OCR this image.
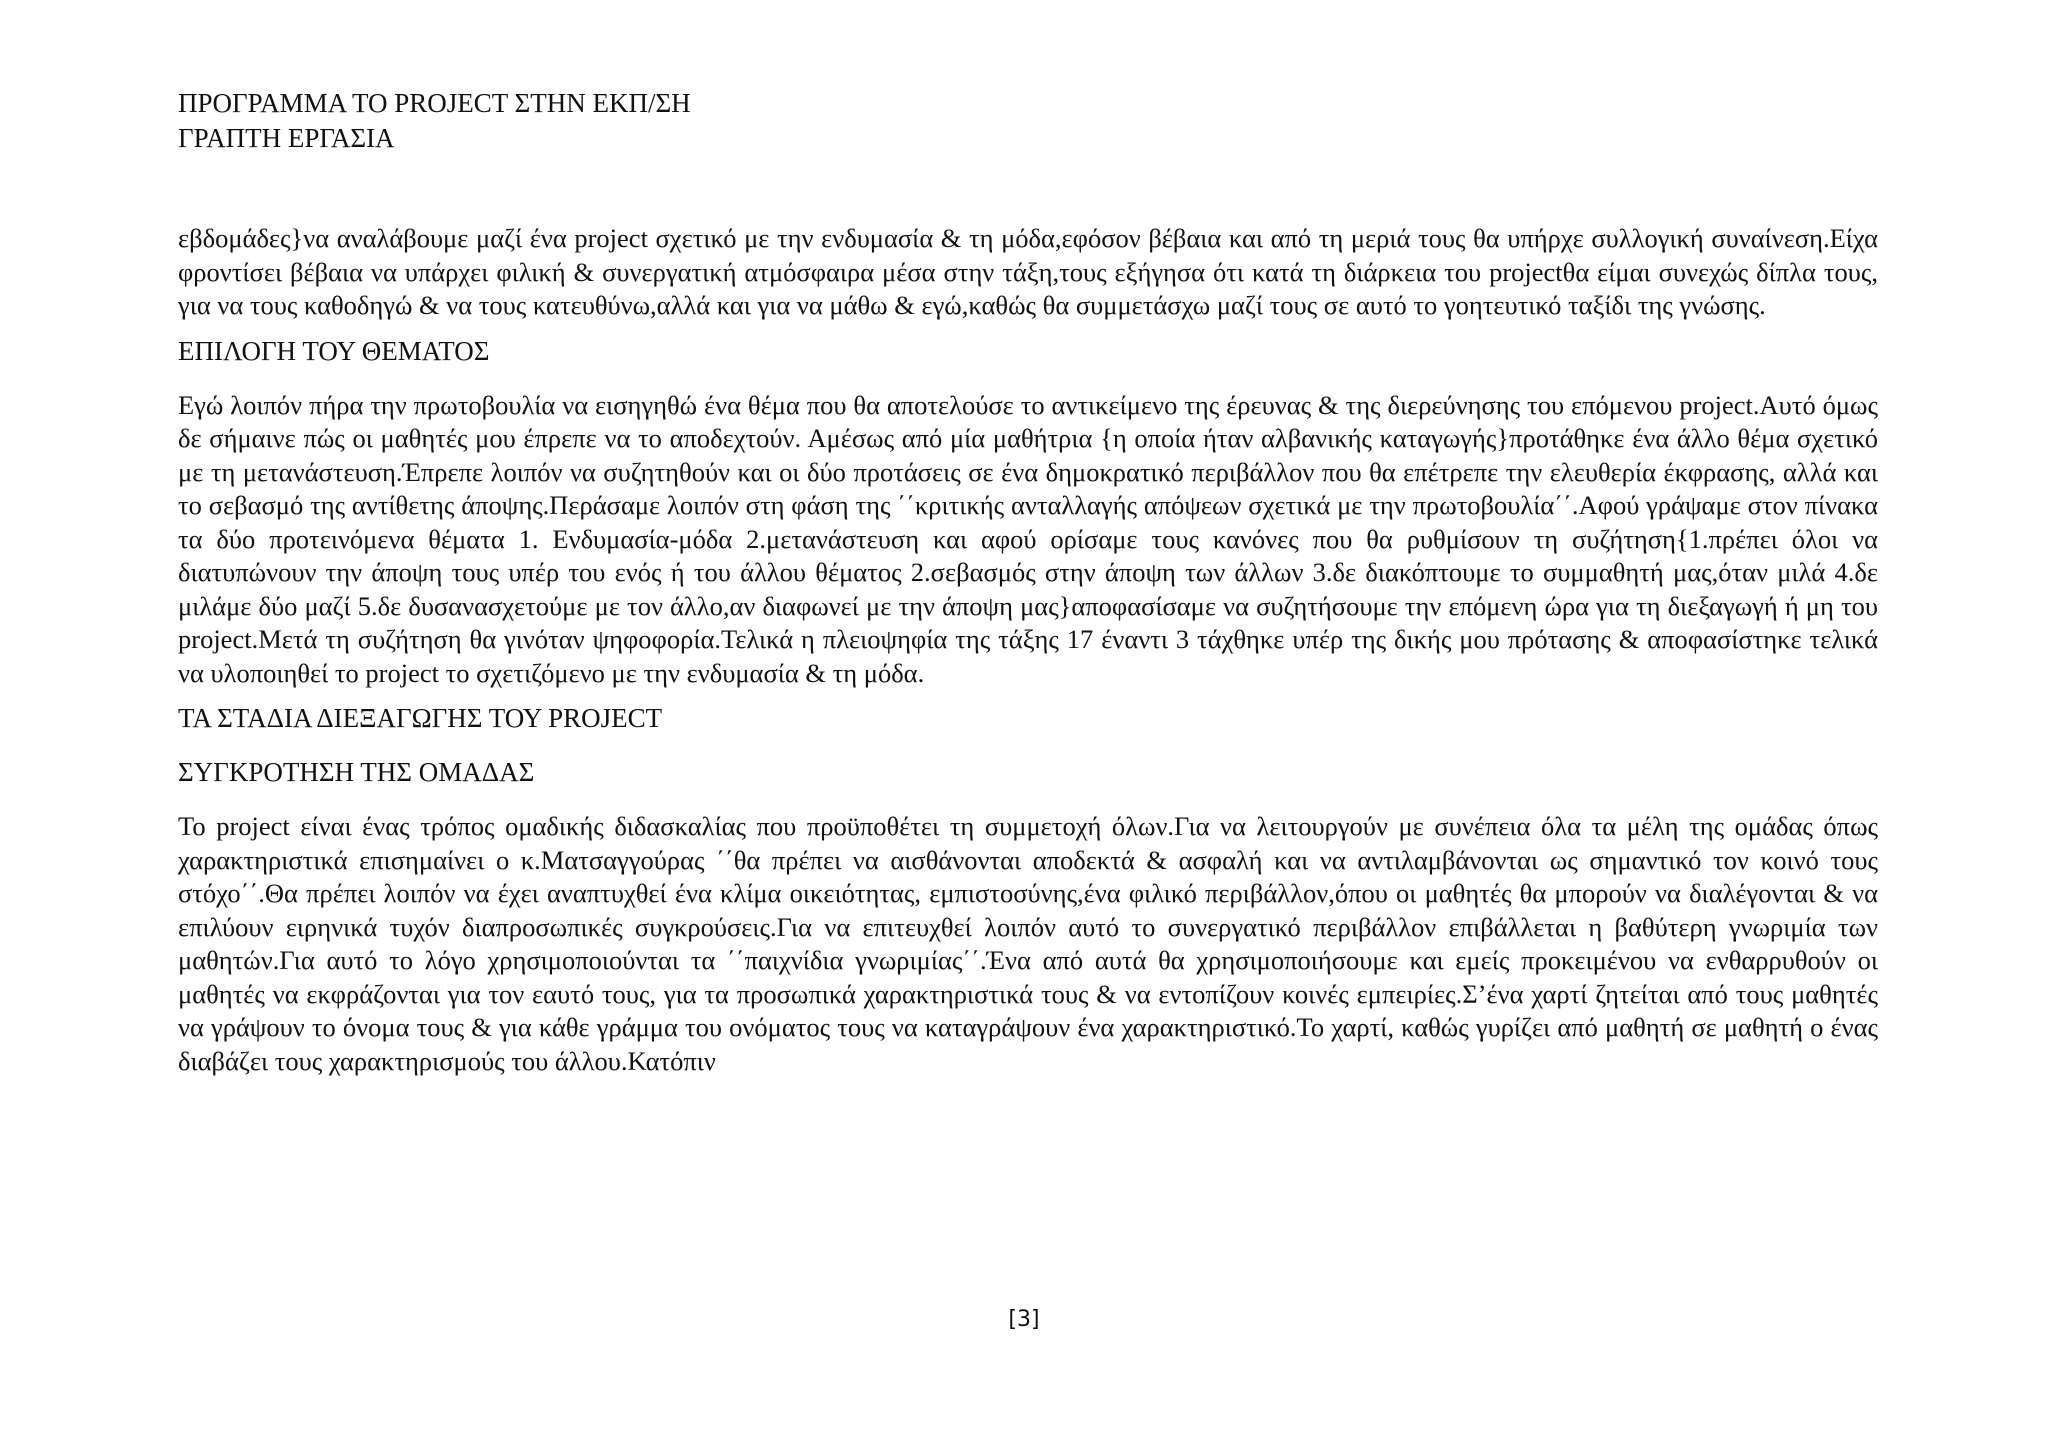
ΠΡΟΓΡΑΜΜΑ ΤΟ PROJECT ΣΤΗΝ ΕΚΠ/ΣΗ
ΓΡΑΠΤΗ ΕΡΓΑΣΙΑ

εβδομάδες}να αναλάβουμε μαζί ένα project σχετικό με την ενδυμασία & τη μόδα,εφόσον βέβαια και από τη μεριά τους θα υπήρχε συλλογική συναίνεση.Είχα φροντίσει βέβαια να υπάρχει φιλική & συνεργατική ατμόσφαιρα μέσα στην τάξη,τους εξήγησα ότι κατά τη διάρκεια του projectθα είμαι συνεχώς δίπλα τους, για να τους καθοδηγώ & να τους κατευθύνω,αλλά και για να μάθω & εγώ,καθώς θα συμμετάσχω μαζί τους σε αυτό το γοητευτικό ταξίδι της γνώσης.

ΕΠΙΛΟΓΗ ΤΟΥ ΘΕΜΑΤΟΣ

Εγώ λοιπόν πήρα την πρωτοβουλία να εισηγηθώ ένα θέμα που θα αποτελούσε το αντικείμενο της έρευνας & της διερεύνησης του επόμενου project.Αυτό όμως δε σήμαινε πώς οι μαθητές μου έπρεπε να το αποδεχτούν. Αμέσως από μία μαθήτρια {η οποία ήταν αλβανικής καταγωγής}προτάθηκε ένα άλλο θέμα σχετικό με τη μετανάστευση.Έπρεπε λοιπόν να συζητηθούν και οι δύο προτάσεις σε ένα δημοκρατικό περιβάλλον που θα επέτρεπε την ελευθερία έκφρασης, αλλά και το σεβασμό της αντίθετης άποψης.Περάσαμε λοιπόν στη φάση της ΄΄κριτικής ανταλλαγής απόψεων σχετικά με την πρωτοβουλία΄΄.Αφού γράψαμε στον πίνακα τα δύο προτεινόμενα θέματα 1. Ενδυμασία-μόδα 2.μετανάστευση και αφού ορίσαμε τους κανόνες που θα ρυθμίσουν τη συζήτηση{1.πρέπει όλοι να διατυπώνουν την άποψη τους υπέρ του ενός ή του άλλου θέματος 2.σεβασμός στην άποψη των άλλων 3.δε διακόπτουμε το συμμαθητή μας,όταν μιλά 4.δε μιλάμε δύο μαζί 5.δε δυσανασχετούμε με τον άλλο,αν διαφωνεί με την άποψη μας}αποφασίσαμε να συζητήσουμε την επόμενη ώρα για τη διεξαγωγή ή μη του project.Μετά τη συζήτηση θα γινόταν ψηφοφορία.Τελικά η πλειοψηφία της τάξης 17 έναντι 3 τάχθηκε υπέρ της δικής μου πρότασης & αποφασίστηκε τελικά να υλοποιηθεί το project το σχετιζόμενο με την ενδυμασία & τη μόδα.

ΤΑ ΣΤΑΔΙΑ ΔΙΕΞΑΓΩΓΗΣ ΤΟΥ PROJECT
ΣΥΓΚΡΟΤΗΣΗ ΤΗΣ ΟΜΑΔΑΣ

Το project είναι ένας τρόπος ομαδικής διδασκαλίας που προϋποθέτει τη συμμετοχή όλων.Για να λειτουργούν με συνέπεια όλα τα μέλη της ομάδας όπως χαρακτηριστικά επισημαίνει ο κ.Ματσαγγούρας ΄΄θα πρέπει να αισθάνονται αποδεκτά & ασφαλή και να αντιλαμβάνονται ως σημαντικό τον κοινό τους στόχο΄΄.Θα πρέπει λοιπόν να έχει αναπτυχθεί ένα κλίμα οικειότητας, εμπιστοσύνης,ένα φιλικό περιβάλλον,όπου οι μαθητές θα μπορούν να διαλέγονται & να επιλύουν ειρηνικά τυχόν διαπροσωπικές συγκρούσεις.Για να επιτευχθεί λοιπόν αυτό το συνεργατικό περιβάλλον επιβάλλεται η βαθύτερη γνωριμία των μαθητών.Για αυτό το λόγο χρησιμοποιούνται τα ΄΄παιχνίδια γνωριμίας΄΄.Ένα από αυτά θα χρησιμοποιήσουμε και εμείς προκειμένου να ενθαρρυθούν οι μαθητές να εκφράζονται για τον εαυτό τους, για τα προσωπικά χαρακτηριστικά τους & να εντοπίζουν κοινές εμπειρίες.Σ’ένα χαρτί ζητείται από τους μαθητές να γράψουν το όνομα τους & για κάθε γράμμα του ονόματος τους να καταγράψουν ένα χαρακτηριστικό.Το χαρτί, καθώς γυρίζει από μαθητή σε μαθητή ο ένας διαβάζει τους χαρακτηρισμούς του άλλου.Κατόπιν

[3]
